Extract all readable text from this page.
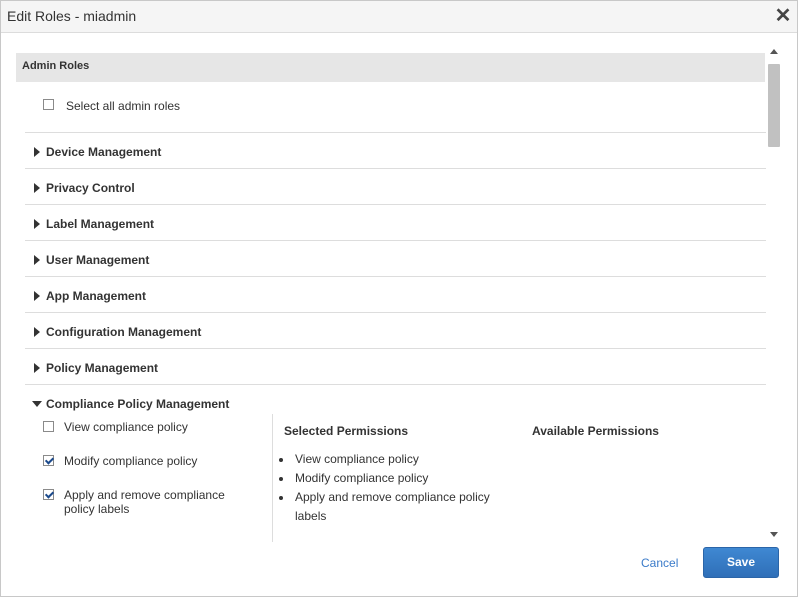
Edit Roles - miadmin	✕
Admin Roles
Select all admin roles
Device Management
Privacy Control
Label Management
User Management
App Management
Configuration Management
Policy Management
Compliance Policy Management
View compliance policy
Modify compliance policy
Apply and remove compliance policy labels
Selected Permissions	Available Permissions
• View compliance policy
• Modify compliance policy
• Apply and remove compliance policy labels
Cancel	Save
